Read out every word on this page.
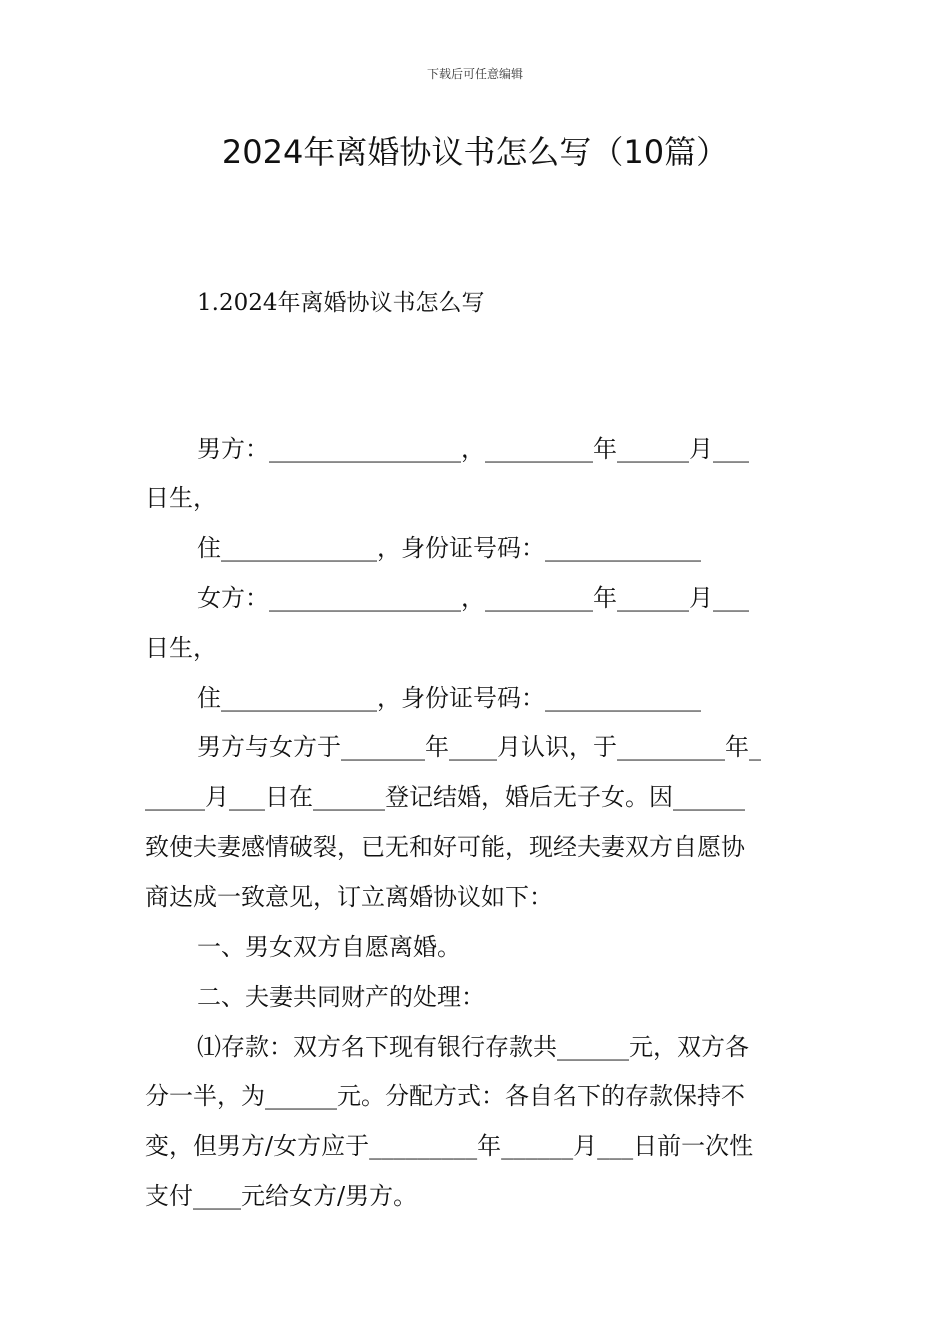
下载后可任意编辑
2024年离婚协议书怎么写（10篇）
1.2024年离婚协议书怎么写
男方：________________，_________年______月___
日生，
住_____________，身份证号码：_____________
女方：________________，_________年______月___
日生，
住_____________，身份证号码：_____________
男方与女方于_______年____月认识，于_________年_
_____月___日在______登记结婚，婚后无子女。因______
致使夫妻感情破裂，已无和好可能，现经夫妻双方自愿协
商达成一致意见，订立离婚协议如下：
一、男女双方自愿离婚。
二、夫妻共同财产的处理：
⑴存款：双方名下现有银行存款共______元，双方各
分一半，为______元。分配方式：各自名下的存款保持不
变，但男方/女方应于_________年______月___日前一次性
支付____元给女方/男方。
